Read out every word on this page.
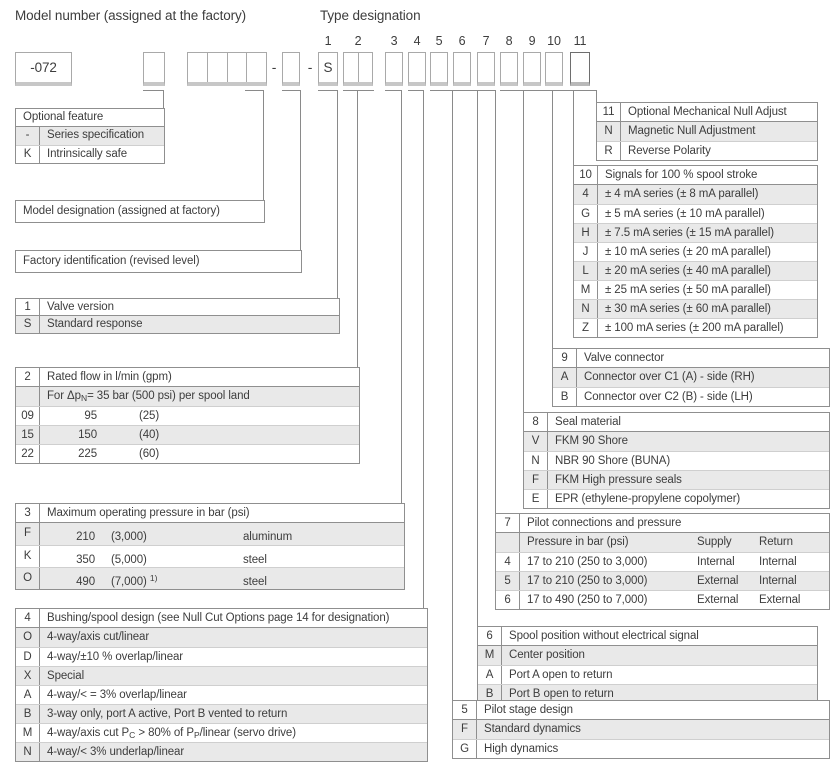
Model number (assigned at the factory)	Type designation
1	2	3	4	5	6	7	8	9 10 11
-072	-	- S
Optional feature
-	Series specification
K	Intrinsically safe
Model designation (assigned at factory)
Factory identification (revised level)
1	Valve version
S	Standard response
2	Rated flow in l/min (gpm)
For $\Delta p_N= 35$ bar (500 psi) per spool land
09	95	(25)
15	150	(40)
22	225	(60)
3	Maximum operating pressure in bar (psi)
F	210 (3,000)	aluminum
K	350 (5,000)	steel
O	490 (7,000) $^{1)}$	steel
4	Bushing/spool design (see Null Cut Options page 14 for designation)
O	4-way/axis cut/linear
D	4-way/±10 % overlap/linear
X	Special
A	4-way/< = 3% overlap/linear
B	3-way only, port A active, Port B vented to return
M	4-way/axis cut $P_C > 80\%$ of $P_P$/linear (servo drive)
N	4-way/< 3% underlap/linear
11	Optional Mechanical Null Adjust
N	Magnetic Null Adjustment
R	Reverse Polarity
10	Signals for 100 % spool stroke
4	± 4 mA series (± 8 mA parallel)
G	± 5 mA series (± 10 mA parallel)
H	± 7.5 mA series (± 15 mA parallel)
J	± 10 mA series (± 20 mA parallel)
L	± 20 mA series (± 40 mA parallel)
M	± 25 mA series (± 50 mA parallel)
N	± 30 mA series (± 60 mA parallel)
Z	± 100 mA series (± 200 mA parallel)
9	Valve connector
A	Connector over C1 (A) - side (RH)
B	Connector over C2 (B) - side (LH)
8	Seal material
V	FKM 90 Shore
N	NBR 90 Shore (BUNA)
F	FKM High pressure seals
E	EPR (ethylene-propylene copolymer)
7	Pilot connections and pressure
Pressure in bar (psi)	Supply Return
4	17 to 210 (250 to 3,000)	Internal Internal
5	17 to 210 (250 to 3,000)	External Internal
6	17 to 490 (250 to 7,000)	External External
6	Spool position without electrical signal
M	Center position
A	Port A open to return
B	Port B open to return
5	Pilot stage design
F	Standard dynamics
G	High dynamics
